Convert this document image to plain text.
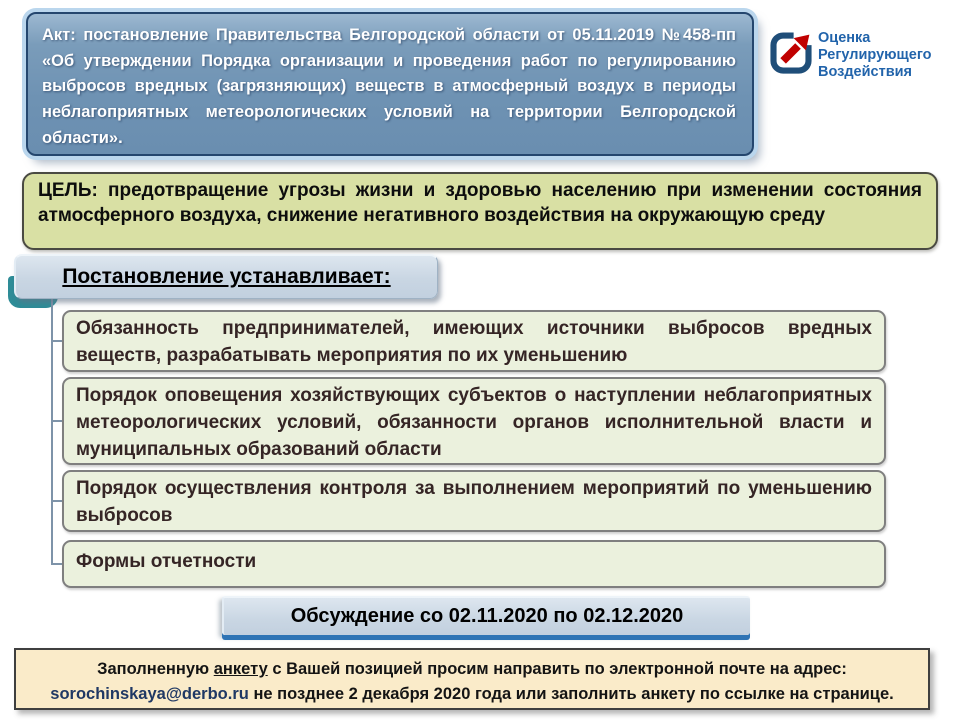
Акт: постановление Правительства Белгородской области от 05.11.2019 №458-пп «Об утверждении Порядка организации и проведения работ по регулированию выбросов вредных (загрязняющих) веществ в атмосферный воздух в периоды неблагоприятных метеорологических условий на территории Белгородской области».
Оценка
Регулирующего
Воздействия
ЦЕЛЬ: предотвращение угрозы жизни и здоровью населению при изменении состояния атмосферного воздуха, снижение негативного воздействия на окружающую среду
Постановление устанавливает:
Обязанность предпринимателей, имеющих источники выбросов вредных веществ, разрабатывать мероприятия по их уменьшению
Порядок оповещения хозяйствующих субъектов о наступлении неблагоприятных метеорологических условий, обязанности органов исполнительной власти и муниципальных образований области
Порядок осуществления контроля за выполнением мероприятий по уменьшению выбросов
Формы отчетности
Обсуждение со 02.11.2020 по 02.12.2020
Заполненную анкету с Вашей позицией просим направить по электронной почте на адрес:
sorochinskaya@derbo.ru не позднее 2 декабря 2020 года или заполнить анкету по ссылке на странице.
